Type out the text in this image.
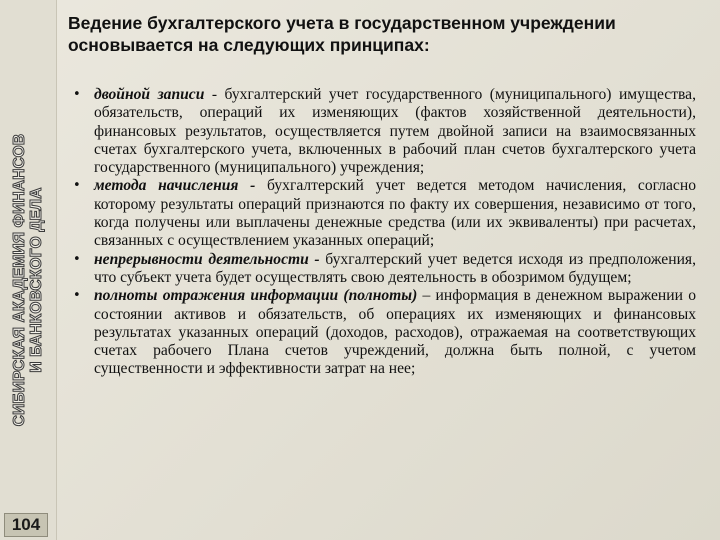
СИБИРСКАЯ АКАДЕМИЯ ФИНАНСОВ И БАНКОВСКОГО ДЕЛА
104
Ведение бухгалтерского учета в государственном учреждении
основывается на следующих принципах:
• двойной записи - бухгалтерский учет государственного (муниципального) имущества, обязательств, операций их изменяющих (фактов хозяйственной деятельности), финансовых результатов, осуществляется путем двойной записи на взаимосвязанных счетах бухгалтерского учета, включенных в рабочий план счетов бухгалтерского учета государственного (муниципального) учреждения;
• метода начисления - бухгалтерский учет ведется методом начисления, согласно которому результаты операций признаются по факту их совершения, независимо от того, когда получены или выплачены денежные средства (или их эквиваленты) при расчетах, связанных с осуществлением указанных операций;
• непрерывности деятельности - бухгалтерский учет ведется исходя из предположения, что субъект учета будет осуществлять свою деятельность в обозримом будущем;
• полноты отражения информации (полноты) – информация в денежном выражении о состоянии активов и обязательств, об операциях их изменяющих и финансовых результатах указанных операций (доходов, расходов), отражаемая на соответствующих счетах рабочего Плана счетов учреждений, должна быть полной, с учетом существенности и эффективности затрат на нее;
